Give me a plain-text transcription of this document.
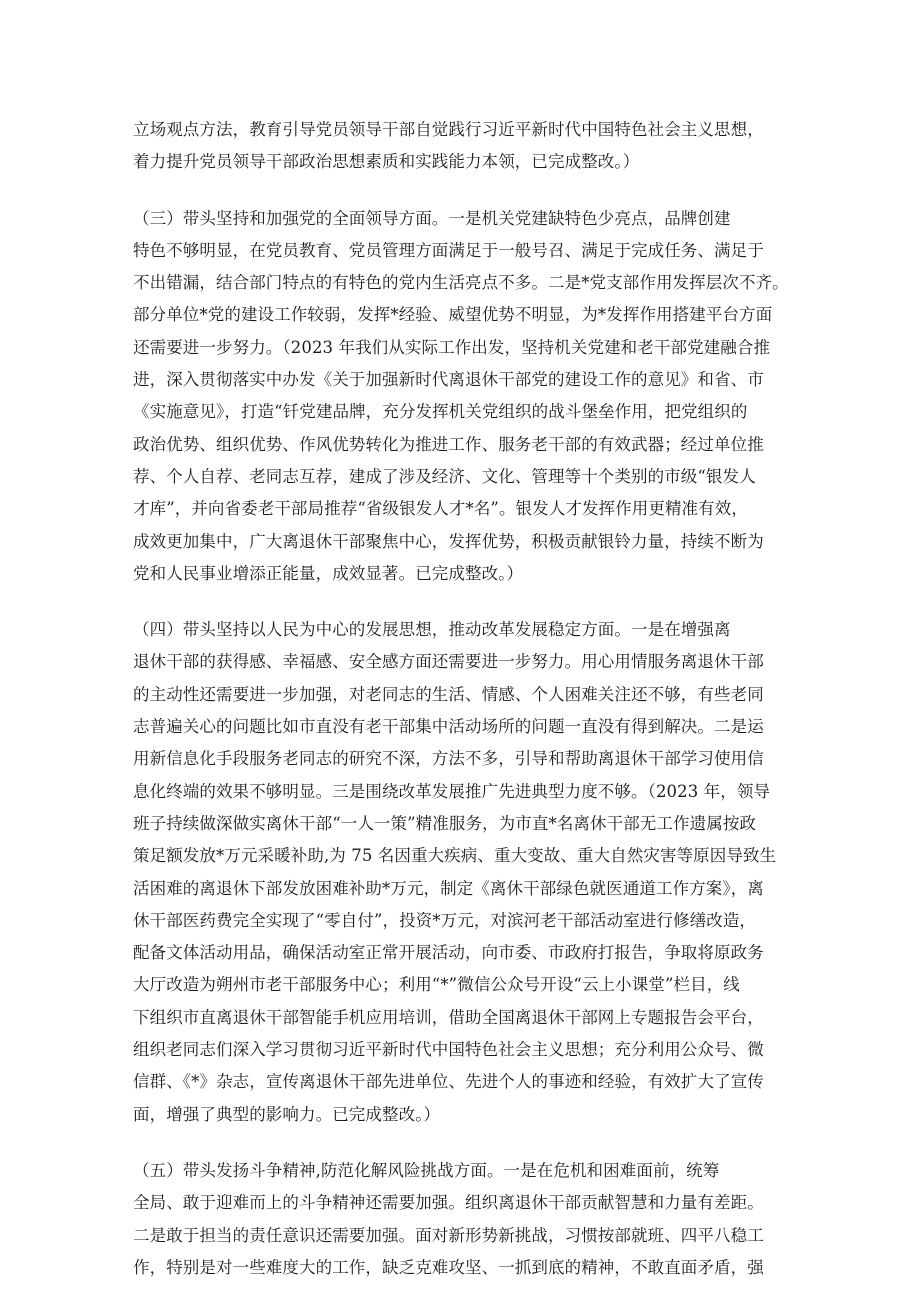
立场观点方法，教育引导党员领导干部自觉践行习近平新时代中国特色社会主义思想，
着力提升党员领导干部政治思想素质和实践能力本领，已完成整改。）
（三）带头坚持和加强党的全面领导方面。一是机关党建缺特色少亮点，品牌创建
特色不够明显，在党员教育、党员管理方面满足于一般号召、满足于完成任务、满足于
不出错漏，结合部门特点的有特色的党内生活亮点不多。二是*党支部作用发挥层次不齐。
部分单位*党的建设工作较弱，发挥*经验、威望优势不明显，为*发挥作用搭建平台方面
还需要进一步努力。（2023 年我们从实际工作出发，坚持机关党建和老干部党建融合推
进，深入贯彻落实中办发《关于加强新时代离退休干部党的建设工作的意见》和省、市
《实施意见》，打造“钎党建品牌，充分发挥机关党组织的战斗堡垒作用，把党组织的
政治优势、组织优势、作风优势转化为推进工作、服务老干部的有效武器；经过单位推
荐、个人自荐、老同志互荐，建成了涉及经济、文化、管理等十个类别的市级“银发人
才库”，并向省委老干部局推荐“省级银发人才*名”。银发人才发挥作用更精准有效，
成效更加集中，广大离退休干部聚焦中心，发挥优势，积极贡献银铃力量，持续不断为
党和人民事业增添正能量，成效显著。已完成整改。）
（四）带头坚持以人民为中心的发展思想，推动改革发展稳定方面。一是在增强离
退休干部的获得感、幸福感、安全感方面还需要进一步努力。用心用情服务离退休干部
的主动性还需要进一步加强，对老同志的生活、情感、个人困难关注还不够，有些老同
志普遍关心的问题比如市直没有老干部集中活动场所的问题一直没有得到解决。二是运
用新信息化手段服务老同志的研究不深，方法不多，引导和帮助离退休干部学习使用信
息化终端的效果不够明显。三是围绕改革发展推广先进典型力度不够。（2023 年，领导
班子持续做深做实离休干部“一人一策”精准服务，为市直*名离休干部无工作遗属按政
策足额发放*万元采暖补助,为 75 名因重大疾病、重大变故、重大自然灾害等原因导致生
活困难的离退休下部发放困难补助*万元，制定《离休干部绿色就医通道工作方案》，离
休干部医药费完全实现了“零自付”，投资*万元，对滨河老干部活动室进行修缮改造，
配备文体活动用品，确保活动室正常开展活动，向市委、市政府打报告，争取将原政务
大厅改造为朔州市老干部服务中心；利用“*”微信公众号开设“云上小课堂”栏目，线
下组织市直离退休干部智能手机应用培训，借助全国离退休干部网上专题报告会平台，
组织老同志们深入学习贯彻习近平新时代中国特色社会主义思想；充分利用公众号、微
信群、《*》杂志，宣传离退休干部先进单位、先进个人的事迹和经验，有效扩大了宣传
面，增强了典型的影响力。已完成整改。）
（五）带头发扬斗争精神,防范化解风险挑战方面。一是在危机和困难面前，统筹
全局、敢于迎难而上的斗争精神还需要加强。组织离退休干部贡献智慧和力量有差距。
二是敢于担当的责任意识还需要加强。面对新形势新挑战，习惯按部就班、四平八稳工
作，特别是对一些难度大的工作，缺乏克难攻坚、一抓到底的精神，不敢直面矛盾，强
